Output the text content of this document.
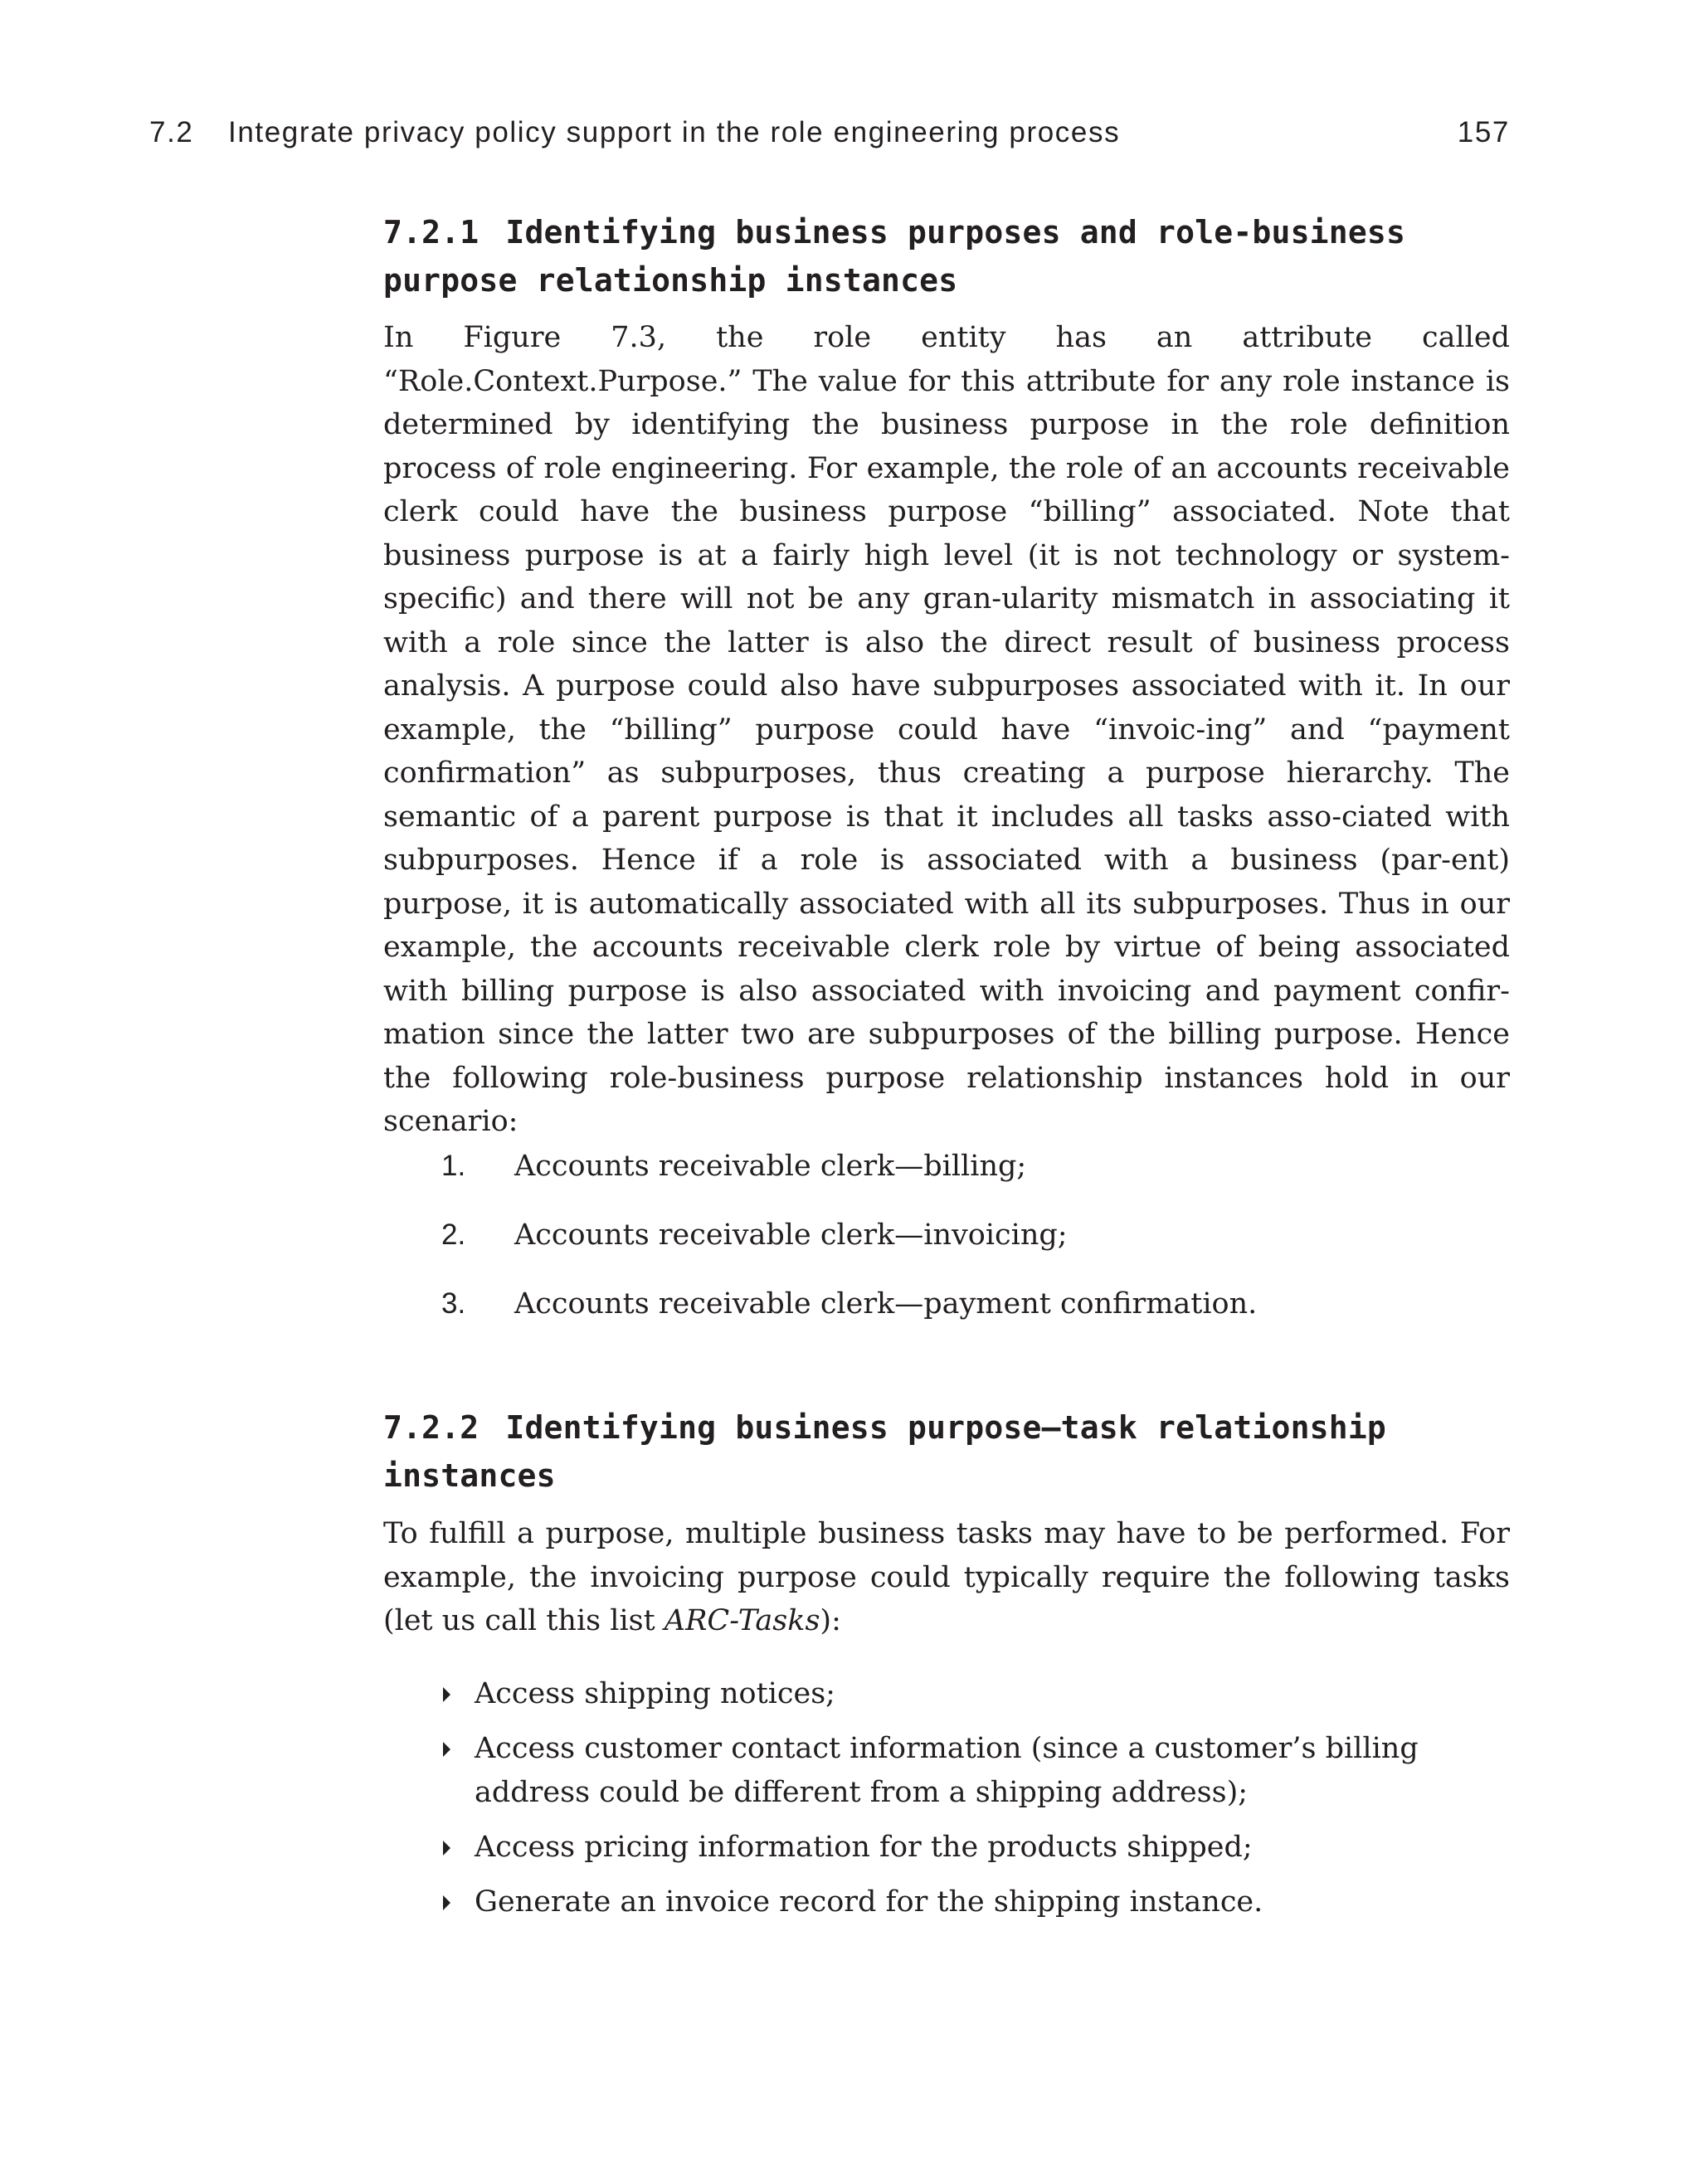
7.2 Integrate privacy policy support in the role engineering process	157

7.2.1 Identifying business purposes and role-business
purpose relationship instances

In Figure 7.3, the role entity has an attribute called “Role.Context.Purpose.” The value for this attribute for any role instance is determined by identifying the business purpose in the role definition process of role engineering. For example, the role of an accounts receivable clerk could have the business purpose “billing” associated. Note that business purpose is at a fairly high level (it is not technology or system-specific) and there will not be any gran-ularity mismatch in associating it with a role since the latter is also the direct result of business process analysis. A purpose could also have subpurposes associated with it. In our example, the “billing” purpose could have “invoic-ing” and “payment confirmation” as subpurposes, thus creating a purpose hierarchy. The semantic of a parent purpose is that it includes all tasks asso-ciated with subpurposes. Hence if a role is associated with a business (par-ent) purpose, it is automatically associated with all its subpurposes. Thus in our example, the accounts receivable clerk role by virtue of being associated with billing purpose is also associated with invoicing and payment confir-mation since the latter two are subpurposes of the billing purpose. Hence the following role-business purpose relationship instances hold in our scenario:

1. Accounts receivable clerk—billing;
2. Accounts receivable clerk—invoicing;
3. Accounts receivable clerk—payment confirmation.

7.2.2 Identifying business purpose–task relationship
instances

To fulfill a purpose, multiple business tasks may have to be performed. For example, the invoicing purpose could typically require the following tasks (let us call this list ARC-Tasks):

Access shipping notices;
Access customer contact information (since a customer’s billing address could be different from a shipping address);
Access pricing information for the products shipped;
Generate an invoice record for the shipping instance.
